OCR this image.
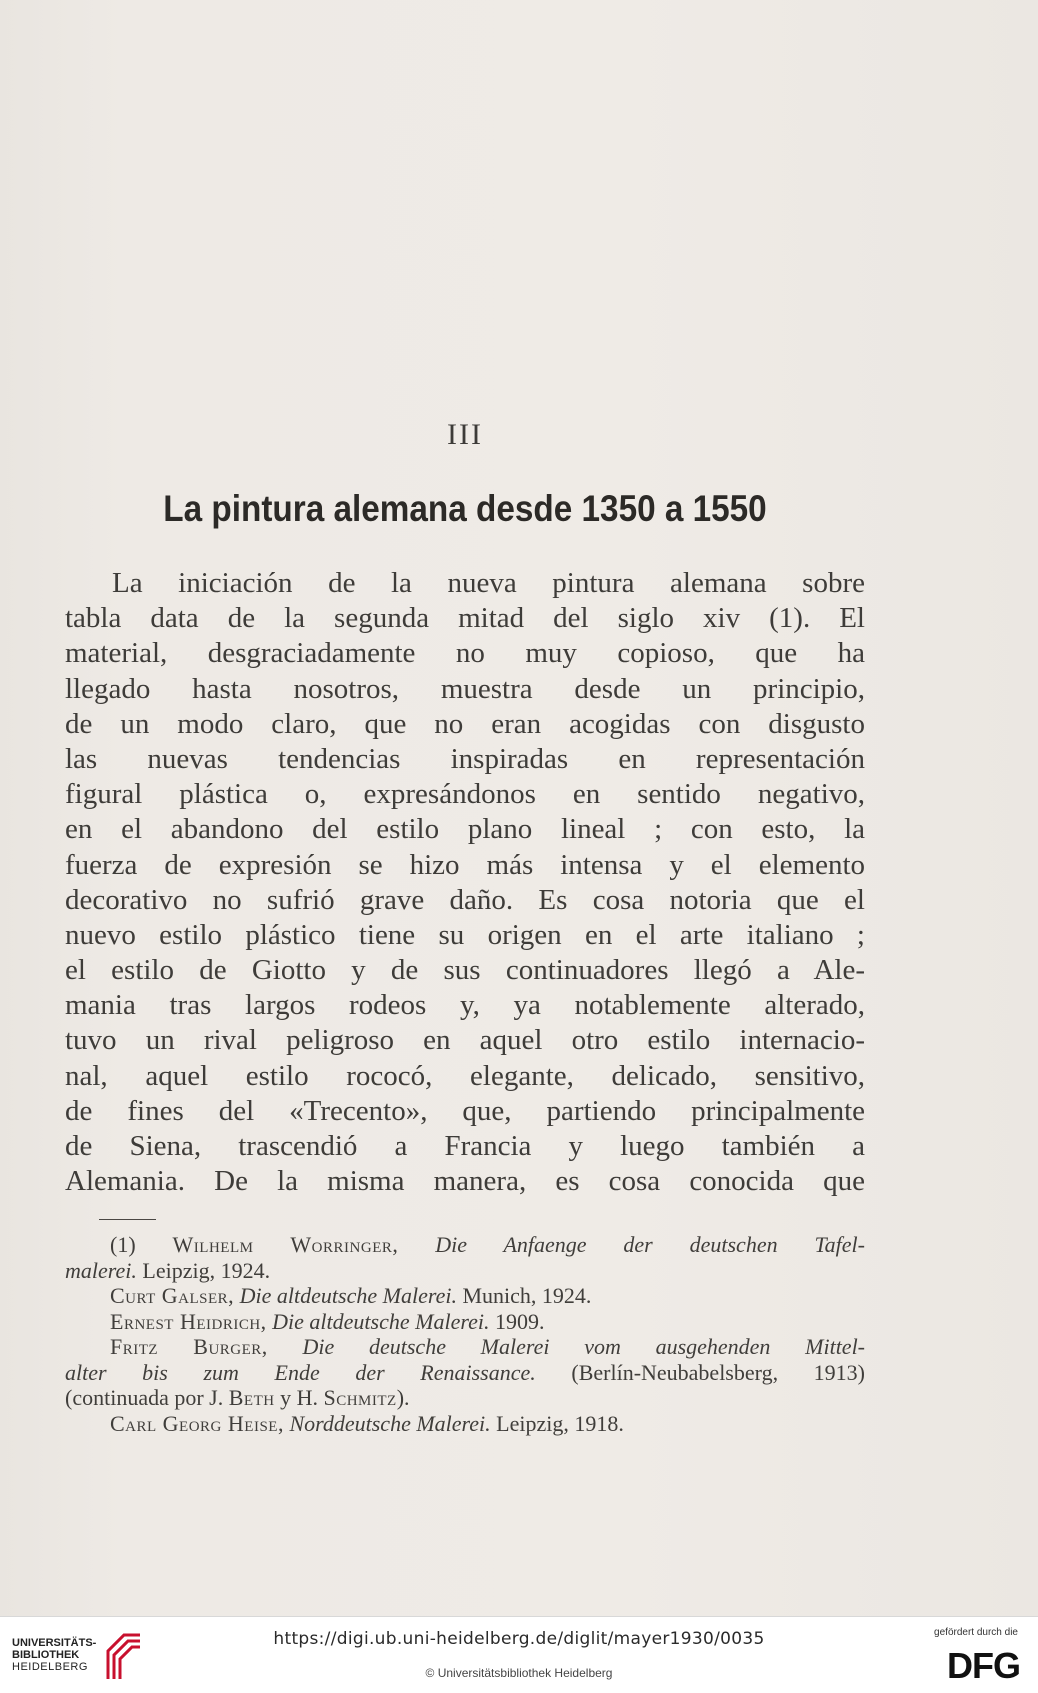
III
La pintura alemana desde 1350 a 1550
La iniciación de la nueva pintura alemana sobre
tabla data de la segunda mitad del siglo xiv (1). El
material, desgraciadamente no muy copioso, que ha
llegado hasta nosotros, muestra desde un principio,
de un modo claro, que no eran acogidas con disgusto
las nuevas tendencias inspiradas en representación
figural plástica o, expresándonos en sentido negativo,
en el abandono del estilo plano lineal ; con esto, la
fuerza de expresión se hizo más intensa y el elemento
decorativo no sufrió grave daño. Es cosa notoria que el
nuevo estilo plástico tiene su origen en el arte italiano ;
el estilo de Giotto y de sus continuadores llegó a Ale-
mania tras largos rodeos y, ya notablemente alterado,
tuvo un rival peligroso en aquel otro estilo internacio-
nal, aquel estilo rococó, elegante, delicado, sensitivo,
de fines del «Trecento», que, partiendo principalmente
de Siena, trascendió a Francia y luego también a
Alemania. De la misma manera, es cosa conocida que
(1) Wilhelm Worringer, Die Anfaenge der deutschen Tafel-
malerei. Leipzig, 1924.
Curt Galser, Die altdeutsche Malerei. Munich, 1924.
Ernest Heidrich, Die altdeutsche Malerei. 1909.
Fritz Burger, Die deutsche Malerei vom ausgehenden Mittel-
alter bis zum Ende der Renaissance. (Berlín-Neubabelsberg, 1913)
(continuada por J. Beth y H. Schmitz).
Carl Georg Heise, Norddeutsche Malerei. Leipzig, 1918.
UNIVERSITÄTS-
BIBLIOTHEK
HEIDELBERG
https://digi.ub.uni-heidelberg.de/diglit/mayer1930/0035
© Universitätsbibliothek Heidelberg
gefördert durch die
DFG
